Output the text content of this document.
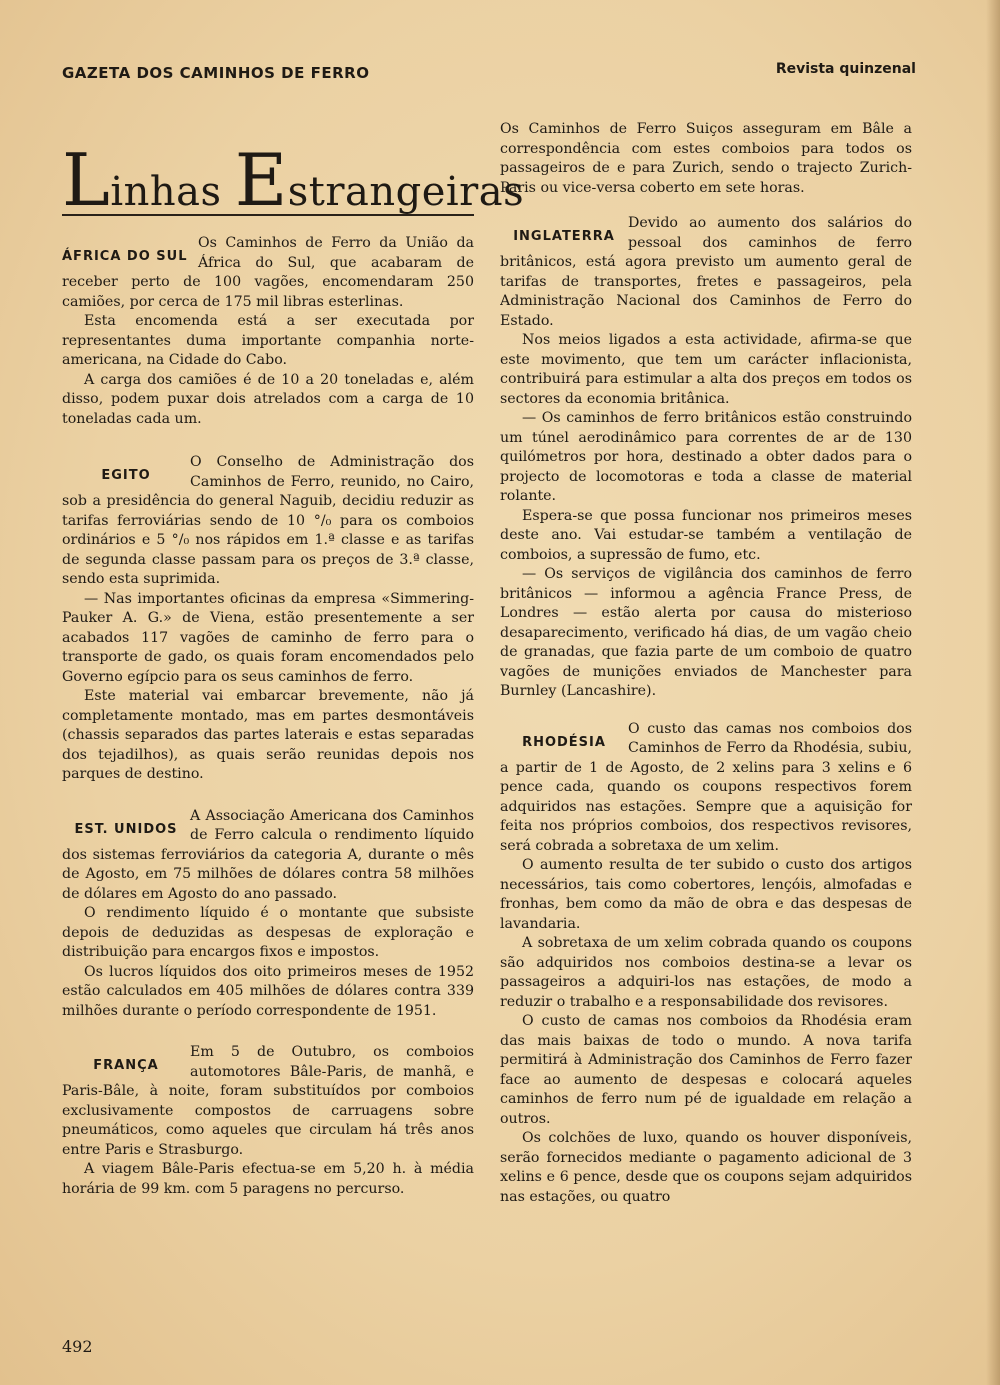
GAZETA DOS CAMINHOS DE FERRO	Revista quinzenal
Linhas Estrangeiras
ÁFRICA DO SUL

Os Caminhos de Ferro da União da África do Sul, que acabaram de receber perto de 100 vagões, encomendaram 250 camiões, por cerca de 175 mil libras esterlinas.

Esta encomenda está a ser executada por representantes duma importante companhia norte-americana, na Cidade do Cabo.

A carga dos camiões é de 10 a 20 toneladas e, além disso, podem puxar dois atrelados com a carga de 10 toneladas cada um.

EGITO

O Conselho de Administração dos Caminhos de Ferro, reunido, no Cairo, sob a presidência do general Naguib, decidiu reduzir as tarifas ferroviárias sendo de 10 °/₀ para os comboios ordinários e 5 °/₀ nos rápidos em 1.ª classe e as tarifas de segunda classe passam para os preços de 3.ª classe, sendo esta suprimida.

— Nas importantes oficinas da empresa «Simmering-Pauker A. G.» de Viena, estão presentemente a ser acabados 117 vagões de caminho de ferro para o transporte de gado, os quais foram encomendados pelo Governo egípcio para os seus caminhos de ferro.

Este material vai embarcar brevemente, não já completamente montado, mas em partes desmontáveis (chassis separados das partes laterais e estas separadas dos tejadilhos), as quais serão reunidas depois nos parques de destino.

EST. UNIDOS

A Associação Americana dos Caminhos de Ferro calcula o rendimento líquido dos sistemas ferroviários da categoria A, durante o mês de Agosto, em 75 milhões de dólares contra 58 milhões de dólares em Agosto do ano passado.

O rendimento líquido é o montante que subsiste depois de deduzidas as despesas de exploração e distribuição para encargos fixos e impostos.

Os lucros líquidos dos oito primeiros meses de 1952 estão calculados em 405 milhões de dólares contra 339 milhões durante o período correspondente de 1951.

FRANÇA

Em 5 de Outubro, os comboios automotores Bâle-Paris, de manhã, e Paris-Bâle, à noite, foram substituídos por comboios exclusivamente compostos de carruagens sobre pneumáticos, como aqueles que circulam há três anos entre Paris e Strasburgo.

A viagem Bâle-Paris efectua-se em 5,20 h. à média horária de 99 km. com 5 paragens no percurso.

Os Caminhos de Ferro Suiços asseguram em Bâle a correspondência com estes comboios para todos os passageiros de e para Zurich, sendo o trajecto Zurich-Paris ou vice-versa coberto em sete horas.

INGLATERRA

Devido ao aumento dos salários do pessoal dos caminhos de ferro britânicos, está agora previsto um aumento geral de tarifas de transportes, fretes e passageiros, pela Administração Nacional dos Caminhos de Ferro do Estado.

Nos meios ligados a esta actividade, afirma-se que este movimento, que tem um carácter inflacionista, contribuirá para estimular a alta dos preços em todos os sectores da economia britânica.

— Os caminhos de ferro britânicos estão construindo um túnel aerodinâmico para correntes de ar de 130 quilómetros por hora, destinado a obter dados para o projecto de locomotoras e toda a classe de material rolante.

Espera-se que possa funcionar nos primeiros meses deste ano. Vai estudar-se também a ventilação de comboios, a supressão de fumo, etc.

— Os serviços de vigilância dos caminhos de ferro britânicos — informou a agência France Press, de Londres — estão alerta por causa do misterioso desaparecimento, verificado há dias, de um vagão cheio de granadas, que fazia parte de um comboio de quatro vagões de munições enviados de Manchester para Burnley (Lancashire).

RHODÉSIA

O custo das camas nos comboios dos Caminhos de Ferro da Rhodésia, subiu, a partir de 1 de Agosto, de 2 xelins para 3 xelins e 6 pence cada, quando os coupons respectivos forem adquiridos nas estações. Sempre que a aquisição for feita nos próprios comboios, dos respectivos revisores, será cobrada a sobretaxa de um xelim.

O aumento resulta de ter subido o custo dos artigos necessários, tais como cobertores, lençóis, almofadas e fronhas, bem como da mão de obra e das despesas de lavandaria.

A sobretaxa de um xelim cobrada quando os coupons são adquiridos nos comboios destina-se a levar os passageiros a adquiri-los nas estações, de modo a reduzir o trabalho e a responsabilidade dos revisores.

O custo de camas nos comboios da Rhodésia eram das mais baixas de todo o mundo. A nova tarifa permitirá à Administração dos Caminhos de Ferro fazer face ao aumento de despesas e colocará aqueles caminhos de ferro num pé de igualdade em relação a outros.

Os colchões de luxo, quando os houver disponíveis, serão fornecidos mediante o pagamento adicional de 3 xelins e 6 pence, desde que os coupons sejam adquiridos nas estações, ou quatro

492
